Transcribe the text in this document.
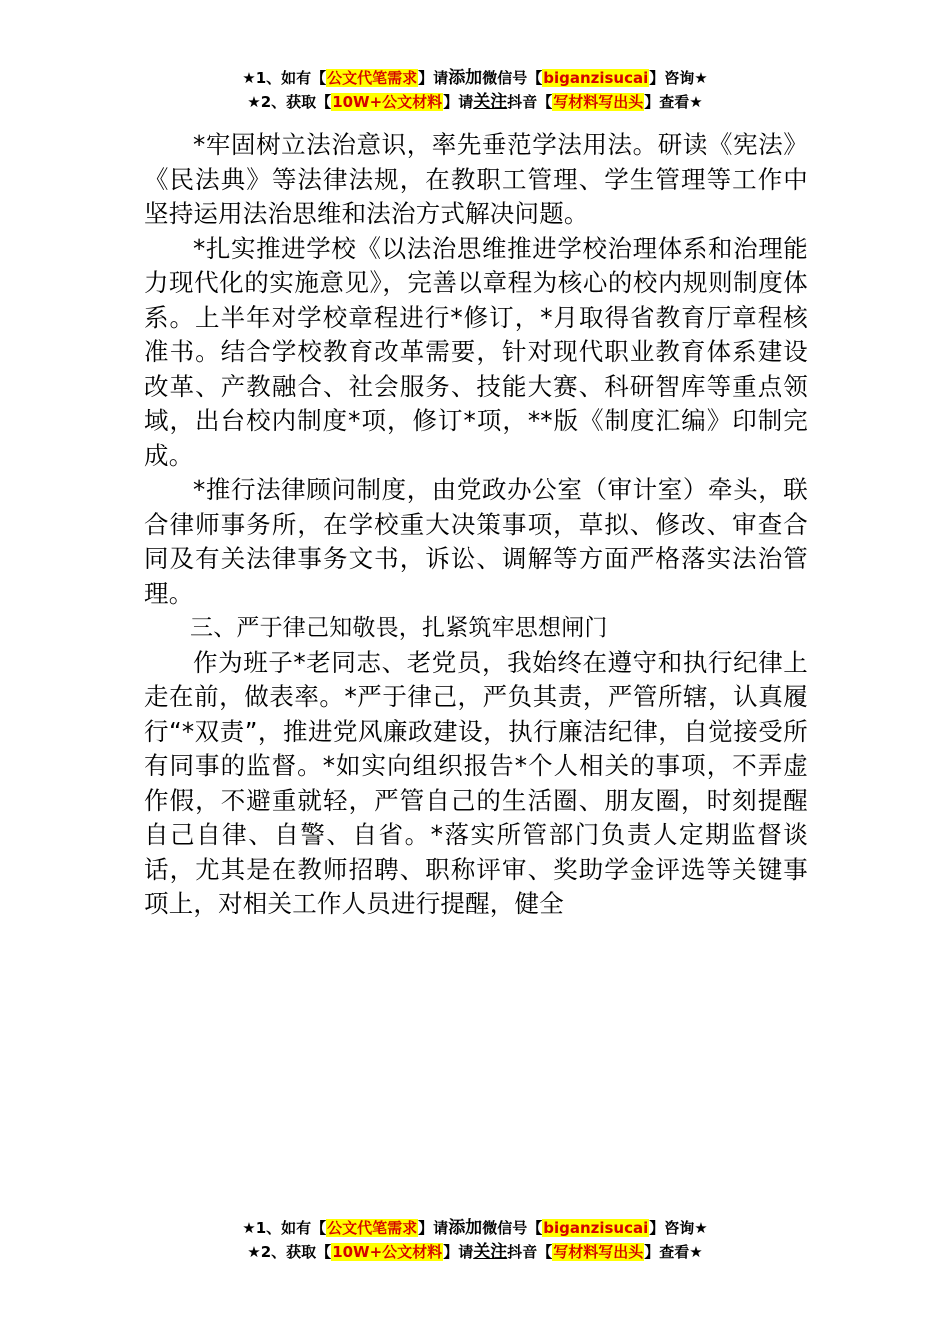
★1、如有【公文代笔需求】请添加微信号【biganzisucai】咨询★
★2、获取【10W+公文材料】请关注抖音【写材料写出头】查看★

*牢固树立法治意识，率先垂范学法用法。研读《宪法》《民法典》等法律法规，在教职工管理、学生管理等工作中坚持运用法治思维和法治方式解决问题。

*扎实推进学校《以法治思维推进学校治理体系和治理能力现代化的实施意见》，完善以章程为核心的校内规则制度体系。上半年对学校章程进行*修订，*月取得省教育厅章程核准书。结合学校教育改革需要，针对现代职业教育体系建设改革、产教融合、社会服务、技能大赛、科研智库等重点领域，出台校内制度*项，修订*项，**版《制度汇编》印制完成。

*推行法律顾问制度，由党政办公室（审计室）牵头，联合律师事务所，在学校重大决策事项，草拟、修改、审查合同及有关法律事务文书，诉讼、调解等方面严格落实法治管理。

三、严于律己知敬畏，扎紧筑牢思想闸门

作为班子*老同志、老党员，我始终在遵守和执行纪律上走在前，做表率。*严于律己，严负其责，严管所辖，认真履行“*双责”，推进党风廉政建设，执行廉洁纪律，自觉接受所有同事的监督。*如实向组织报告*个人相关的事项，不弄虚作假，不避重就轻，严管自己的生活圈、朋友圈，时刻提醒自己自律、自警、自省。*落实所管部门负责人定期监督谈话，尤其是在教师招聘、职称评审、奖助学金评选等关键事项上，对相关工作人员进行提醒，健全

★1、如有【公文代笔需求】请添加微信号【biganzisucai】咨询★
★2、获取【10W+公文材料】请关注抖音【写材料写出头】查看★
